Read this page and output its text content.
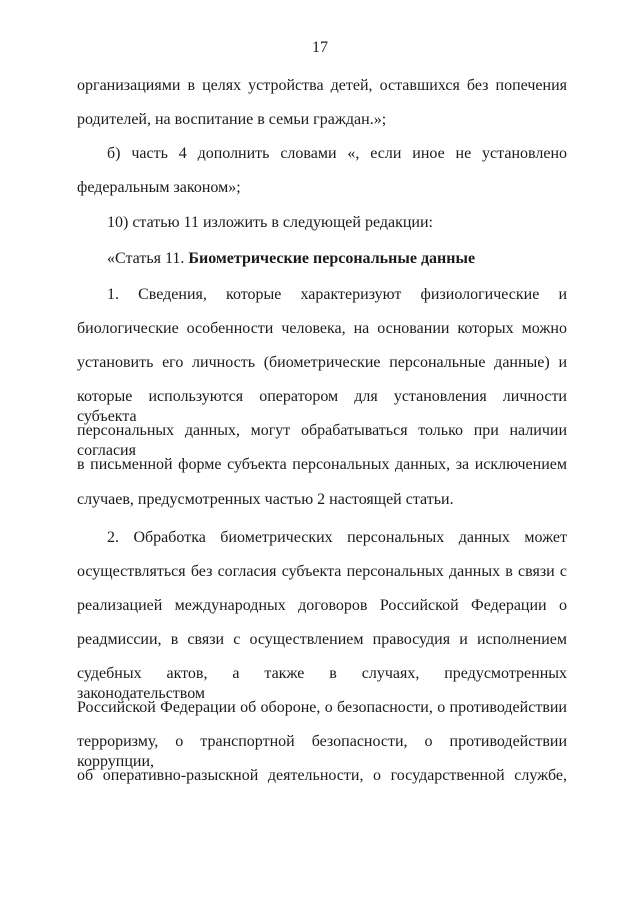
17
организациями в целях устройства детей, оставшихся без попечения
родителей, на воспитание в семьи граждан.»;
б) часть 4 дополнить словами «, если иное не установлено
федеральным законом»;
10) статью 11 изложить в следующей редакции:
«Статья 11. Биометрические персональные данные
1. Сведения, которые характеризуют физиологические и
биологические особенности человека, на основании которых можно
установить его личность (биометрические персональные данные) и
которые используются оператором для установления личности субъекта
персональных данных, могут обрабатываться только при наличии согласия
в письменной форме субъекта персональных данных, за исключением
случаев, предусмотренных частью 2 настоящей статьи.
2. Обработка биометрических персональных данных может
осуществляться без согласия субъекта персональных данных в связи с
реализацией международных договоров Российской Федерации о
реадмиссии, в связи с осуществлением правосудия и исполнением
судебных актов, а также в случаях, предусмотренных законодательством
Российской Федерации об обороне, о безопасности, о противодействии
терроризму, о транспортной безопасности, о противодействии коррупции,
об оперативно-разыскной деятельности, о государственной службе,
